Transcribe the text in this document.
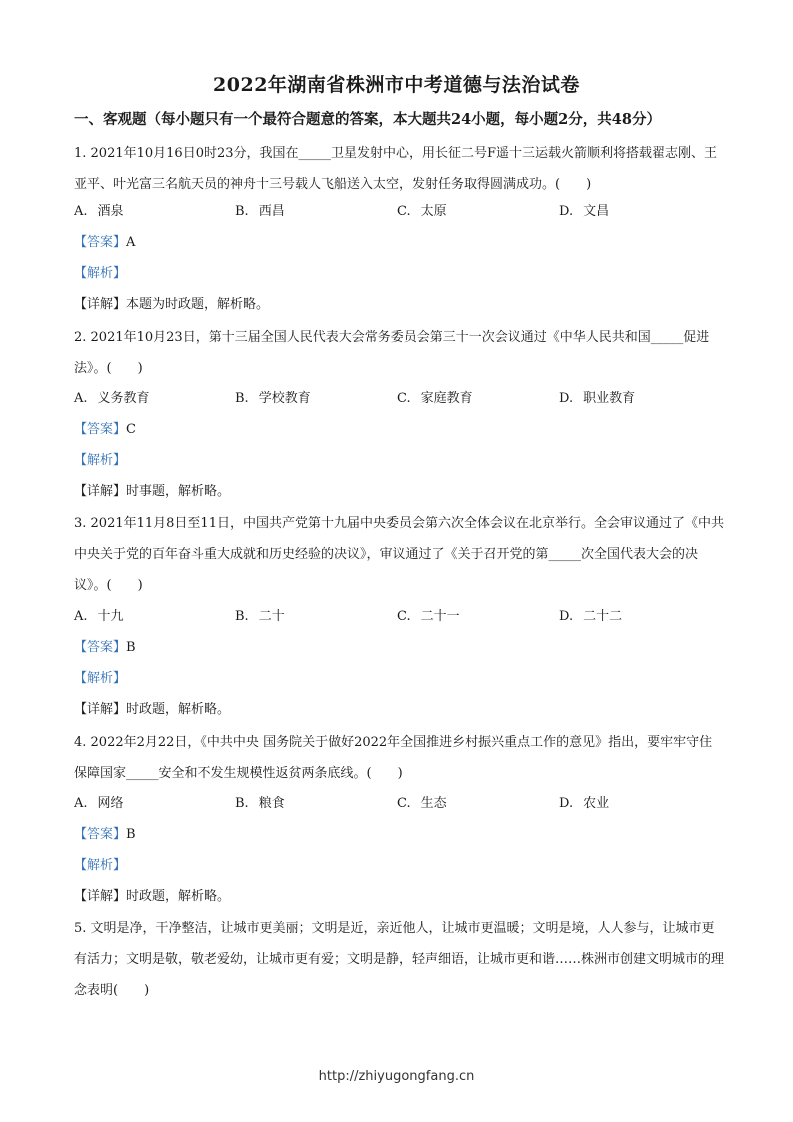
2022年湖南省株洲市中考道德与法治试卷
一、客观题（每小题只有一个最符合题意的答案，本大题共24小题，每小题2分，共48分）

1. 2021年10月16日0时23分，我国在_____卫星发射中心，用长征二号F遥十三运载火箭顺利将搭载翟志刚、王亚平、叶光富三名航天员的神舟十三号载人飞船送入太空，发射任务取得圆满成功。(　　)

A. 酒泉	B. 西昌	C. 太原	D. 文昌
【答案】A
【解析】
【详解】本题为时政题，解析略。

2. 2021年10月23日，第十三届全国人民代表大会常务委员会第三十一次会议通过《中华人民共和国_____促进法》。(　　)

A. 义务教育	B. 学校教育	C. 家庭教育	D. 职业教育
【答案】C
【解析】
【详解】时事题，解析略。

3. 2021年11月8日至11日，中国共产党第十九届中央委员会第六次全体会议在北京举行。全会审议通过了《中共中央关于党的百年奋斗重大成就和历史经验的决议》，审议通过了《关于召开党的第_____次全国代表大会的决议》。(　　)

A. 十九	B. 二十	C. 二十一	D. 二十二
【答案】B
【解析】
【详解】时政题，解析略。

4. 2022年2月22日，《中共中央 国务院关于做好2022年全国推进乡村振兴重点工作的意见》指出，要牢牢守住保障国家_____安全和不发生规模性返贫两条底线。(　　)

A. 网络	B. 粮食	C. 生态	D. 农业
【答案】B
【解析】
【详解】时政题，解析略。

5. 文明是净，干净整洁，让城市更美丽；文明是近，亲近他人，让城市更温暖；文明是境，人人参与，让城市更有活力；文明是敬，敬老爱幼，让城市更有爱；文明是静，轻声细语，让城市更和谐……株洲市创建文明城市的理念表明(　　)

http://zhiyugongfang.cn
